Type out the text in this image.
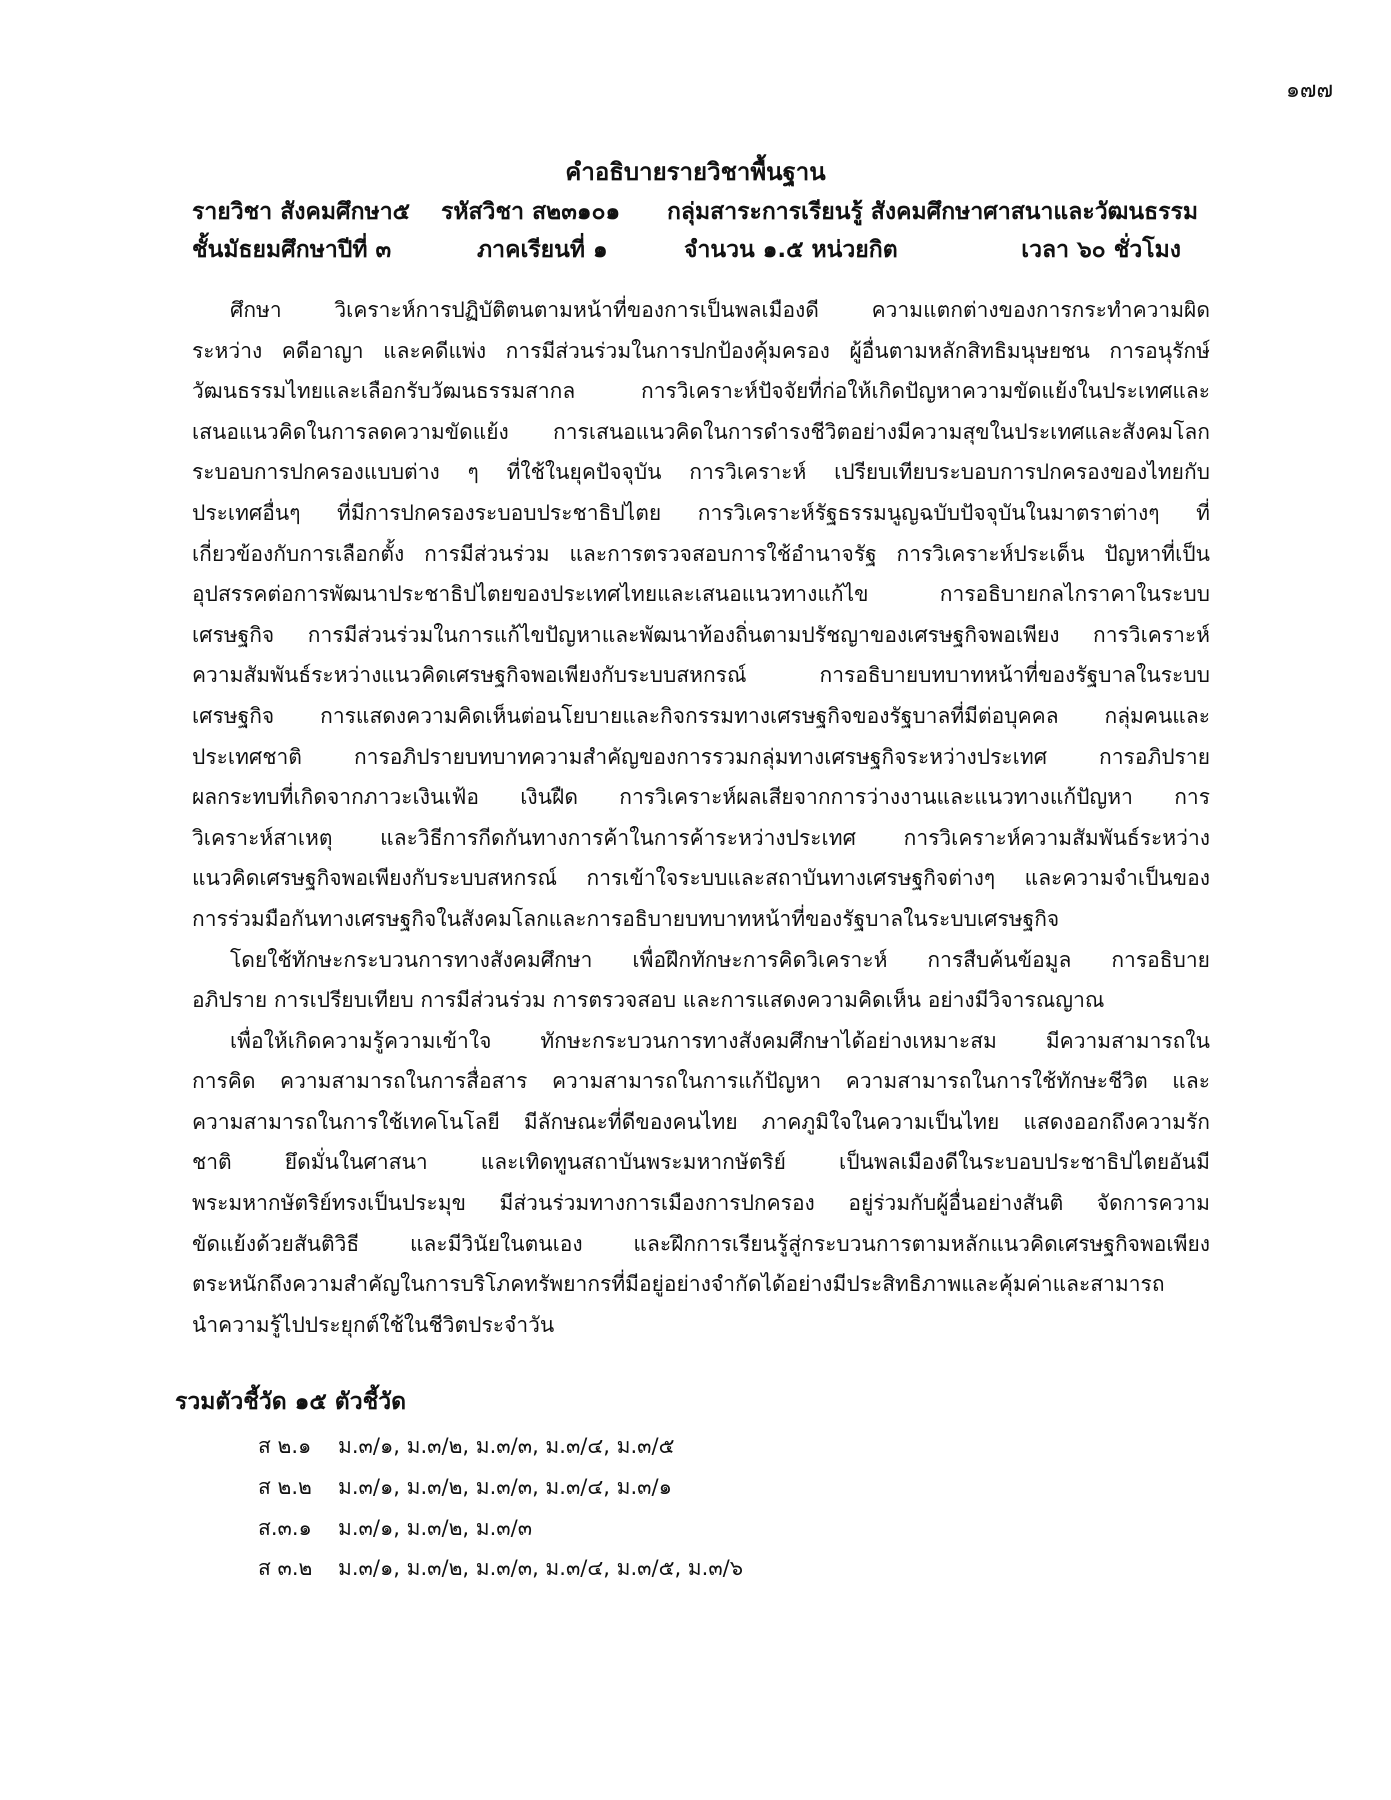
๑๗๗
คำอธิบายรายวิชาพื้นฐาน
รายวิชา สังคมศึกษา๕ รหัสวิชา ส๒๓๑๐๑ กลุ่มสาระการเรียนรู้ สังคมศึกษาศาสนาและวัฒนธรรม
ชั้นมัธยมศึกษาปีที่ ๓	ภาคเรียนที่ ๑	จำนวน ๑.๕ หน่วยกิต	เวลา ๖๐ ชั่วโมง
ศึกษา วิเคราะห์การปฏิบัติตนตามหน้าที่ของการเป็นพลเมืองดี ความแตกต่างของการกระทำความผิด
ระหว่าง คดีอาญา และคดีแพ่ง การมีส่วนร่วมในการปกป้องคุ้มครอง ผู้อื่นตามหลักสิทธิมนุษยชน การอนุรักษ์
วัฒนธรรมไทยและเลือกรับวัฒนธรรมสากล การวิเคราะห์ปัจจัยที่ก่อให้เกิดปัญหาความขัดแย้งในประเทศและ
เสนอแนวคิดในการลดความขัดแย้ง การเสนอแนวคิดในการดำรงชีวิตอย่างมีความสุขในประเทศและสังคมโลก
ระบอบการปกครองแบบต่าง ๆ ที่ใช้ในยุคปัจจุบัน การวิเคราะห์ เปรียบเทียบระบอบการปกครองของไทยกับ
ประเทศอื่นๆ ที่มีการปกครองระบอบประชาธิปไตย การวิเคราะห์รัฐธรรมนูญฉบับปัจจุบันในมาตราต่างๆ ที่
เกี่ยวข้องกับการเลือกตั้ง การมีส่วนร่วม และการตรวจสอบการใช้อำนาจรัฐ การวิเคราะห์ประเด็น ปัญหาที่เป็น
อุปสรรคต่อการพัฒนาประชาธิปไตยของประเทศไทยและเสนอแนวทางแก้ไข การอธิบายกลไกราคาในระบบ
เศรษฐกิจ การมีส่วนร่วมในการแก้ไขปัญหาและพัฒนาท้องถิ่นตามปรัชญาของเศรษฐกิจพอเพียง การวิเคราะห์
ความสัมพันธ์ระหว่างแนวคิดเศรษฐกิจพอเพียงกับระบบสหกรณ์ การอธิบายบทบาทหน้าที่ของรัฐบาลในระบบ
เศรษฐกิจ การแสดงความคิดเห็นต่อนโยบายและกิจกรรมทางเศรษฐกิจของรัฐบาลที่มีต่อบุคคล กลุ่มคนและ
ประเทศชาติ การอภิปรายบทบาทความสำคัญของการรวมกลุ่มทางเศรษฐกิจระหว่างประเทศ การอภิปราย
ผลกระทบที่เกิดจากภาวะเงินเฟ้อ เงินฝืด การวิเคราะห์ผลเสียจากการว่างงานและแนวทางแก้ปัญหา การ
วิเคราะห์สาเหตุ และวิธีการกีดกันทางการค้าในการค้าระหว่างประเทศ การวิเคราะห์ความสัมพันธ์ระหว่าง
แนวคิดเศรษฐกิจพอเพียงกับระบบสหกรณ์ การเข้าใจระบบและสถาบันทางเศรษฐกิจต่างๆ และความจำเป็นของ
การร่วมมือกันทางเศรษฐกิจในสังคมโลกและการอธิบายบทบาทหน้าที่ของรัฐบาลในระบบเศรษฐกิจ
โดยใช้ทักษะกระบวนการทางสังคมศึกษา เพื่อฝึกทักษะการคิดวิเคราะห์ การสืบค้นข้อมูล การอธิบาย
อภิปราย การเปรียบเทียบ การมีส่วนร่วม การตรวจสอบ และการแสดงความคิดเห็น อย่างมีวิจารณญาณ
เพื่อให้เกิดความรู้ความเข้าใจ ทักษะกระบวนการทางสังคมศึกษาได้อย่างเหมาะสม มีความสามารถใน
การคิด ความสามารถในการสื่อสาร ความสามารถในการแก้ปัญหา ความสามารถในการใช้ทักษะชีวิต และ
ความสามารถในการใช้เทคโนโลยี มีลักษณะที่ดีของคนไทย ภาคภูมิใจในความเป็นไทย แสดงออกถึงความรัก
ชาติ ยึดมั่นในศาสนา และเทิดทูนสถาบันพระมหากษัตริย์ เป็นพลเมืองดีในระบอบประชาธิปไตยอันมี
พระมหากษัตริย์ทรงเป็นประมุข มีส่วนร่วมทางการเมืองการปกครอง อยู่ร่วมกับผู้อื่นอย่างสันติ จัดการความ
ขัดแย้งด้วยสันติวิธี และมีวินัยในตนเอง และฝึกการเรียนรู้สู่กระบวนการตามหลักแนวคิดเศรษฐกิจพอเพียง
ตระหนักถึงความสำคัญในการบริโภคทรัพยากรที่มีอยู่อย่างจำกัดได้อย่างมีประสิทธิภาพและคุ้มค่าและสามารถ
นำความรู้ไปประยุกต์ใช้ในชีวิตประจำวัน
รวมตัวชี้วัด ๑๕ ตัวชี้วัด
ส ๒.๑ ม.๓/๑, ม.๓/๒, ม.๓/๓, ม.๓/๔, ม.๓/๕
ส ๒.๒ ม.๓/๑, ม.๓/๒, ม.๓/๓, ม.๓/๔, ม.๓/๑
ส.๓.๑ ม.๓/๑, ม.๓/๒, ม.๓/๓
ส ๓.๒ ม.๓/๑, ม.๓/๒, ม.๓/๓, ม.๓/๔, ม.๓/๕, ม.๓/๖
